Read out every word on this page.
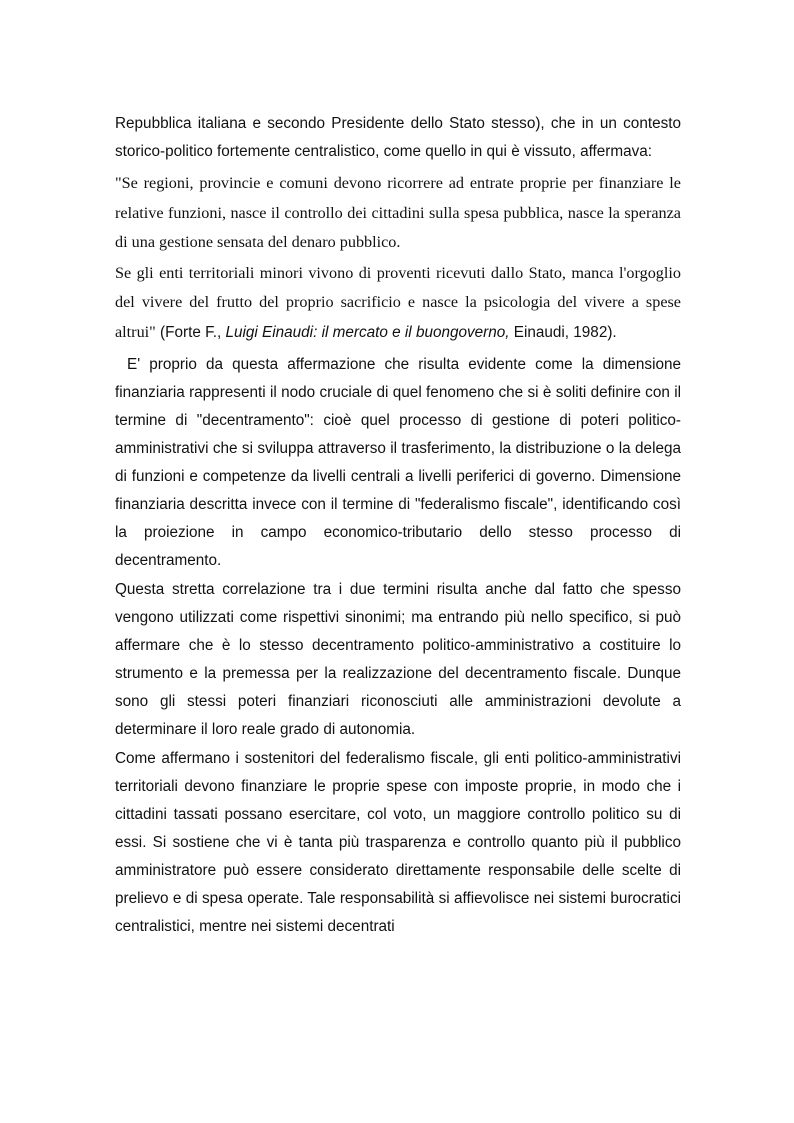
Repubblica italiana e secondo Presidente dello Stato stesso), che in un contesto storico-politico fortemente centralistico, come quello in qui è vissuto, affermava:

"Se regioni, provincie e comuni devono ricorrere ad entrate proprie per finanziare le relative funzioni, nasce il controllo dei cittadini sulla spesa pubblica, nasce la speranza di una gestione sensata del denaro pubblico.

Se gli enti territoriali minori vivono di proventi ricevuti dallo Stato, manca l'orgoglio del vivere del frutto del proprio sacrificio e nasce la psicologia del vivere a spese altrui" (Forte F., Luigi Einaudi: il mercato e il buongoverno, Einaudi, 1982).

E' proprio da questa affermazione che risulta evidente come la dimensione finanziaria rappresenti il nodo cruciale di quel fenomeno che si è soliti definire con il termine di "decentramento": cioè quel processo di gestione di poteri politico-amministrativi che si sviluppa attraverso il trasferimento, la distribuzione o la delega di funzioni e competenze da livelli centrali a livelli periferici di governo. Dimensione finanziaria descritta invece con il termine di "federalismo fiscale", identificando così la proiezione in campo economico-tributario dello stesso processo di decentramento.

Questa stretta correlazione tra i due termini risulta anche dal fatto che spesso vengono utilizzati come rispettivi sinonimi; ma entrando più nello specifico, si può affermare che è lo stesso decentramento politico-amministrativo a costituire lo strumento e la premessa per la realizzazione del decentramento fiscale. Dunque sono gli stessi poteri finanziari riconosciuti alle amministrazioni devolute a determinare il loro reale grado di autonomia.

Come affermano i sostenitori del federalismo fiscale, gli enti politico-amministrativi territoriali devono finanziare le proprie spese con imposte proprie, in modo che i cittadini tassati possano esercitare, col voto, un maggiore controllo politico su di essi. Si sostiene che vi è tanta più trasparenza e controllo quanto più il pubblico amministratore può essere considerato direttamente responsabile delle scelte di prelievo e di spesa operate. Tale responsabilità si affievolisce nei sistemi burocratici centralistici, mentre nei sistemi decentrati
